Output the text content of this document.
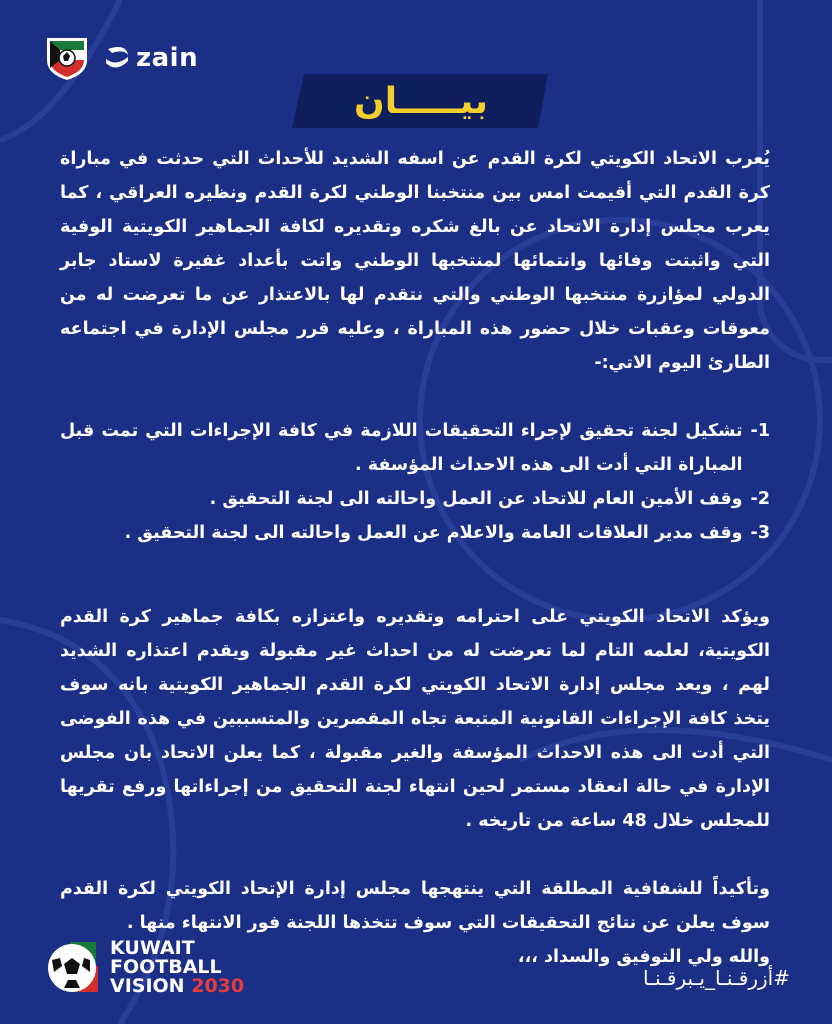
zain
بيـــــان

يُعرب الاتحاد الكويتي لكرة القدم عن اسفه الشديد للأحداث التي حدثت في مباراة كرة القدم التي أقيمت امس بين منتخبنا الوطني لكرة القدم ونظيره العراقي ، كما يعرب مجلس إدارة الاتحاد عن بالغ شكره وتقديره لكافة الجماهير الكويتية الوفية التي واثبتت وفائها وانتمائها لمنتخبها الوطني واتت بأعداد غفيرة لاستاد جابر الدولي لمؤازرة منتخبها الوطني والتي نتقدم لها بالاعتذار عن ما تعرضت له من معوقات وعقبات خلال حضور هذه المباراة ، وعليه قرر مجلس الإدارة في اجتماعه الطارئ اليوم الاتي:-

1-
تشكيل لجنة تحقيق لإجراء التحقيقات اللازمة في كافة الإجراءات التي تمت قبل المباراة التي أدت الى هذه الاحداث المؤسفة .

2-
وقف الأمين العام للاتحاد عن العمل واحالته الى لجنة التحقيق .

3-
وقف مدير العلاقات العامة والاعلام عن العمل واحالته الى لجنة التحقيق .

ويؤكد الاتحاد الكويتي على احترامه وتقديره واعتزازه بكافة جماهير كرة القدم الكويتية، لعلمه التام لما تعرضت له من احداث غير مقبولة ويقدم اعتذاره الشديد لهم ، ويعد مجلس إدارة الاتحاد الكويتي لكرة القدم الجماهير الكويتية بانه سوف يتخذ كافة الإجراءات القانونية المتبعة تجاه المقصرين والمتسببين في هذه الفوضى التي أدت الى هذه الاحداث المؤسفة والغير مقبولة ، كما يعلن الاتحاد بان مجلس الإدارة في حالة انعقاد مستمر لحين انتهاء لجنة التحقيق من إجراءاتها ورفع تقريها للمجلس خلال 48 ساعة من تاريخه .

وتأكيداً للشفافية المطلقة التي ينتهجها مجلس إدارة الإتحاد الكويتي لكرة القدم سوف يعلن عن نتائج التحقيقات التي سوف تتخذها اللجنة فور الانتهاء منها .

والله ولي التوفيق والسداد ،،،

KUWAIT
FOOTBALL
VISION 2030	#أزرقـنـا_يـبرقـنـا
